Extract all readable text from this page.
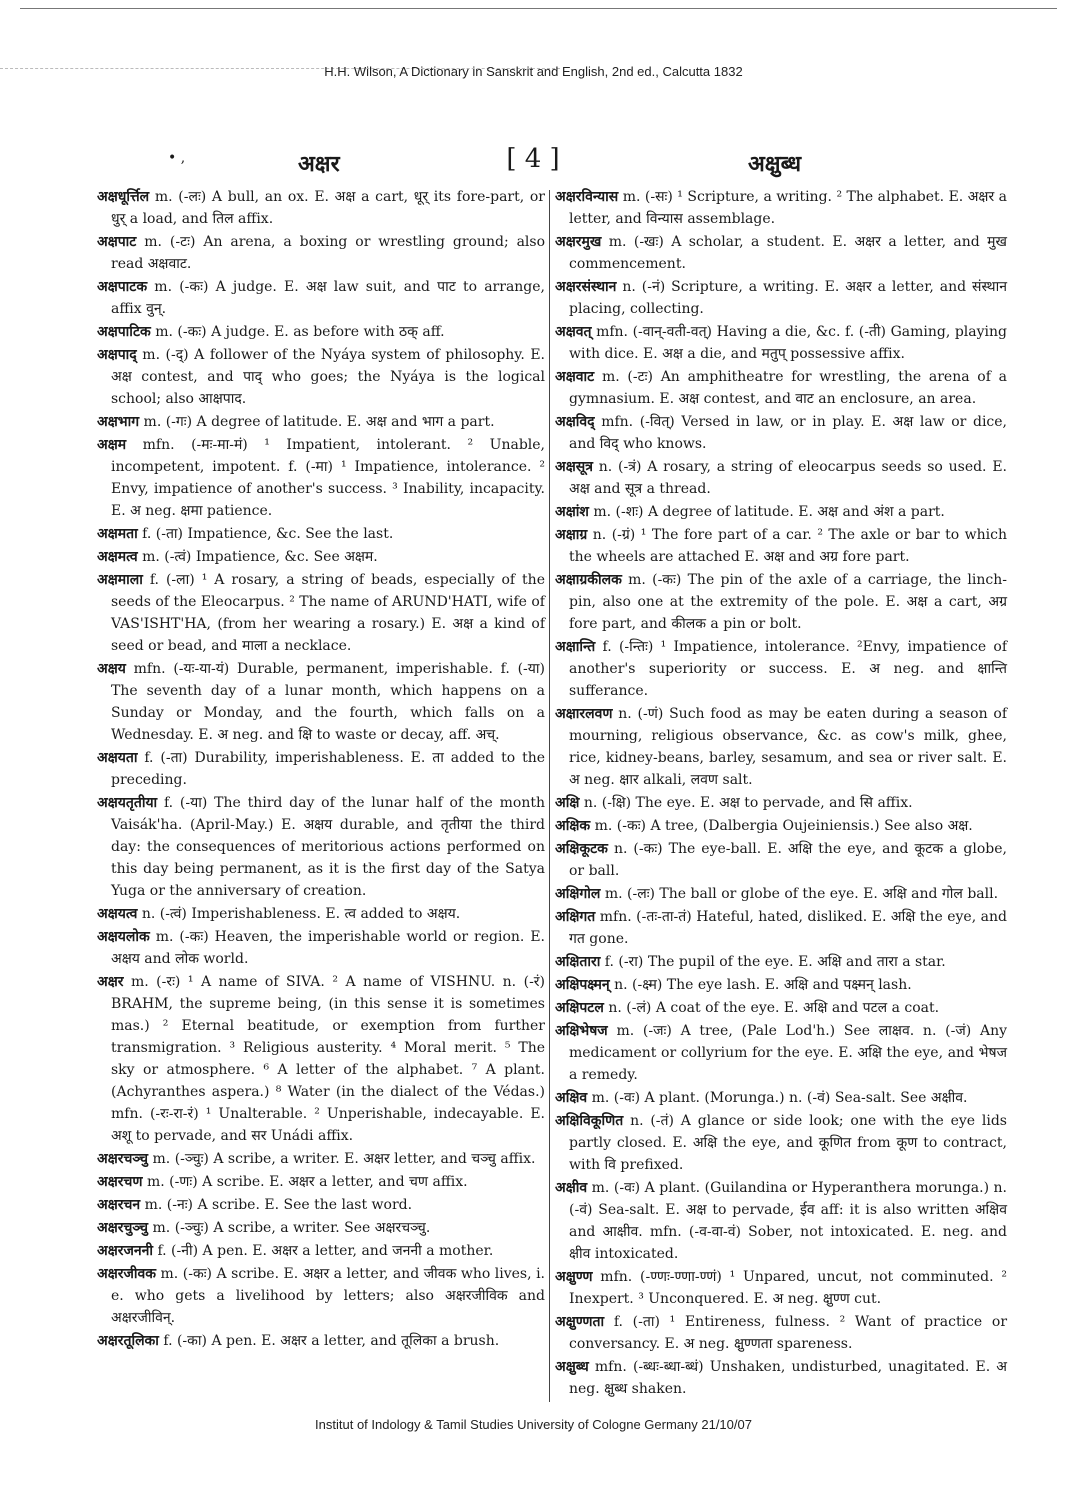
H.H. Wilson, A Dictionary in Sanskrit and English, 2nd ed., Calcutta 1832
• ,	अक्षर	[ 4 ]	अक्षुब्ध

अक्षधूर्त्तिल m. (-लः) A bull, an ox. E. अक्ष a cart, धूर् its fore-part, or धुर् a load, and तिल affix.

अक्षपाट m. (-टः) An arena, a boxing or wrestling ground; also read अक्षवाट.

अक्षपाटक m. (-कः) A judge. E. अक्ष law suit, and पाट to arrange, affix वुन्.

अक्षपाटिक m. (-कः) A judge. E. as before with ठक् aff.

अक्षपाद् m. (-द्) A follower of the Nyáya system of philosophy. E. अक्ष contest, and पाद् who goes; the Nyáya is the logical school; also आक्षपाद.

अक्षभाग m. (-गः) A degree of latitude. E. अक्ष and भाग a part.

अक्षम mfn. (-मः-मा-मं) ¹ Impatient, intolerant. ² Unable, incompetent, impotent. f. (-मा) ¹ Impatience, intolerance. ² Envy, impatience of another's success. ³ Inability, incapacity. E. अ neg. क्षमा patience.

अक्षमता f. (-ता) Impatience, &c. See the last.

अक्षमत्व m. (-त्वं) Impatience, &c. See अक्षम.

अक्षमाला f. (-ला) ¹ A rosary, a string of beads, especially of the seeds of the Eleocarpus. ² The name of ARUND'HATI, wife of VAS'ISHT'HA, (from her wearing a rosary.) E. अक्ष a kind of seed or bead, and माला a necklace.

अक्षय mfn. (-यः-या-यं) Durable, permanent, imperishable. f. (-या) The seventh day of a lunar month, which happens on a Sunday or Monday, and the fourth, which falls on a Wednesday. E. अ neg. and क्षि to waste or decay, aff. अच्.

अक्षयता f. (-ता) Durability, imperishableness. E. ता added to the preceding.

अक्षयतृतीया f. (-या) The third day of the lunar half of the month Vaisák'ha. (April-May.) E. अक्षय durable, and तृतीया the third day: the consequences of meritorious actions performed on this day being permanent, as it is the first day of the Satya Yuga or the anniversary of creation.

अक्षयत्व n. (-त्वं) Imperishableness. E. त्व added to अक्षय.

अक्षयलोक m. (-कः) Heaven, the imperishable world or region. E. अक्षय and लोक world.

अक्षर m. (-रः) ¹ A name of SIVA. ² A name of VISHNU. n. (-रं) BRAHM, the supreme being, (in this sense it is sometimes mas.) ² Eternal beatitude, or exemption from further transmigration. ³ Religious austerity. ⁴ Moral merit. ⁵ The sky or atmosphere. ⁶ A letter of the alphabet. ⁷ A plant. (Achyranthes aspera.) ⁸ Water (in the dialect of the Védas.) mfn. (-रः-रा-रं) ¹ Unalterable. ² Unperishable, indecayable. E. अशू to pervade, and सर Unádi affix.

अक्षरचञ्चु m. (-ञ्चुः) A scribe, a writer. E. अक्षर letter, and चञ्चु affix.

अक्षरचण m. (-णः) A scribe. E. अक्षर a letter, and चण affix.

अक्षरचन m. (-नः) A scribe. E. See the last word.

अक्षरचुञ्चु m. (-ञ्चुः) A scribe, a writer. See अक्षरचञ्चु.

अक्षरजननी f. (-नी) A pen. E. अक्षर a letter, and जननी a mother.

अक्षरजीवक m. (-कः) A scribe. E. अक्षर a letter, and जीवक who lives, i. e. who gets a livelihood by letters; also अक्षरजीविक and अक्षरजीविन्.

अक्षरतूलिका f. (-का) A pen. E. अक्षर a letter, and तूलिका a brush.

अक्षरविन्यास m. (-सः) ¹ Scripture, a writing. ² The alphabet. E. अक्षर a letter, and विन्यास assemblage.

अक्षरमुख m. (-खः) A scholar, a student. E. अक्षर a letter, and मुख commencement.

अक्षरसंस्थान n. (-नं) Scripture, a writing. E. अक्षर a letter, and संस्थान placing, collecting.

अक्षवत् mfn. (-वान्-वती-वत्) Having a die, &c. f. (-ती) Gaming, playing with dice. E. अक्ष a die, and मतुप् possessive affix.

अक्षवाट m. (-टः) An amphitheatre for wrestling, the arena of a gymnasium. E. अक्ष contest, and वाट an enclosure, an area.

अक्षविद् mfn. (-वित्) Versed in law, or in play. E. अक्ष law or dice, and विद् who knows.

अक्षसूत्र n. (-त्रं) A rosary, a string of eleocarpus seeds so used. E. अक्ष and सूत्र a thread.

अक्षांश m. (-शः) A degree of latitude. E. अक्ष and अंश a part.

अक्षाग्र n. (-ग्रं) ¹ The fore part of a car. ² The axle or bar to which the wheels are attached E. अक्ष and अग्र fore part.

अक्षाग्रकीलक m. (-कः) The pin of the axle of a carriage, the linch-pin, also one at the extremity of the pole. E. अक्ष a cart, अग्र fore part, and कीलक a pin or bolt.

अक्षान्ति f. (-न्तिः) ¹ Impatience, intolerance. ²Envy, impatience of another's superiority or success. E. अ neg. and क्षान्ति sufferance.

अक्षारलवण n. (-णं) Such food as may be eaten during a season of mourning, religious observance, &c. as cow's milk, ghee, rice, kidney-beans, barley, sesamum, and sea or river salt. E. अ neg. क्षार alkali, लवण salt.

अक्षि n. (-क्षि) The eye. E. अक्ष to pervade, and सि affix.

अक्षिक m. (-कः) A tree, (Dalbergia Oujeiniensis.) See also अक्ष.

अक्षिकूटक n. (-कः) The eye-ball. E. अक्षि the eye, and कूटक a globe, or ball.

अक्षिगोल m. (-लः) The ball or globe of the eye. E. अक्षि and गोल ball.

अक्षिगत mfn. (-तः-ता-तं) Hateful, hated, disliked. E. अक्षि the eye, and गत gone.

अक्षितारा f. (-रा) The pupil of the eye. E. अक्षि and तारा a star.

अक्षिपक्ष्मन् n. (-क्ष्म) The eye lash. E. अक्षि and पक्ष्मन् lash.

अक्षिपटल n. (-लं) A coat of the eye. E. अक्षि and पटल a coat.

अक्षिभेषज m. (-जः) A tree, (Pale Lod'h.) See लाक्षव. n. (-जं) Any medicament or collyrium for the eye. E. अक्षि the eye, and भेषज a remedy.

अक्षिव m. (-वः) A plant. (Morunga.) n. (-वं) Sea-salt. See अक्षीव.

अक्षिविकूणित n. (-तं) A glance or side look; one with the eye lids partly closed. E. अक्षि the eye, and कूणित from कूण to contract, with वि prefixed.

अक्षीव m. (-वः) A plant. (Guilandina or Hyperanthera morunga.) n. (-वं) Sea-salt. E. अक्ष to pervade, ईव aff: it is also written अक्षिव and आक्षीव. mfn. (-व-वा-वं) Sober, not intoxicated. E. neg. and क्षीव intoxicated.

अक्षुण्ण mfn. (-ण्णः-ण्णा-ण्णं) ¹ Unpared, uncut, not comminuted. ² Inexpert. ³ Unconquered. E. अ neg. क्षुण्ण cut.

अक्षुण्णता f. (-ता) ¹ Entireness, fulness. ² Want of practice or conversancy. E. अ neg. क्षुण्णता spareness.

अक्षुब्ध mfn. (-ब्धः-ब्धा-ब्धं) Unshaken, undisturbed, unagitated. E. अ neg. क्षुब्ध shaken.

Institut of Indology & Tamil Studies University of Cologne Germany 21/10/07
